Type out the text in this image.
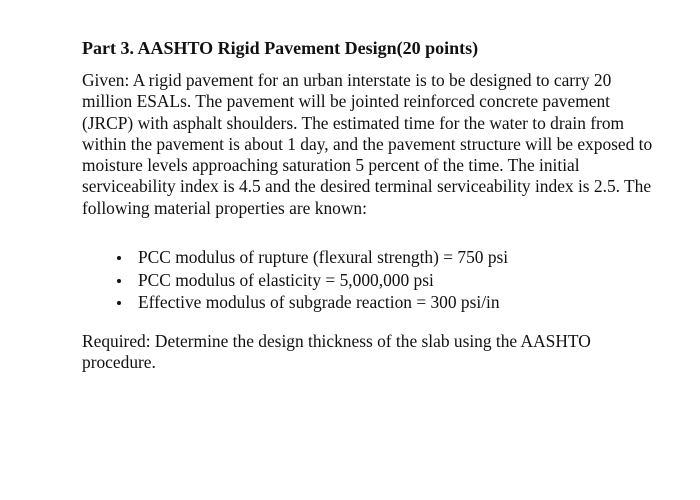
Part 3. AASHTO Rigid Pavement Design(20 points)

Given: A rigid pavement for an urban interstate is to be designed to carry 20 million ESALs. The pavement will be jointed reinforced concrete pavement (JRCP) with asphalt shoulders. The estimated time for the water to drain from within the pavement is about 1 day, and the pavement structure will be exposed to moisture levels approaching saturation 5 percent of the time. The initial serviceability index is 4.5 and the desired terminal serviceability index is 2.5. The following material properties are known:

PCC modulus of rupture (flexural strength) = 750 psi
PCC modulus of elasticity = 5,000,000 psi
Effective modulus of subgrade reaction = 300 psi/in

Required: Determine the design thickness of the slab using the AASHTO procedure.
